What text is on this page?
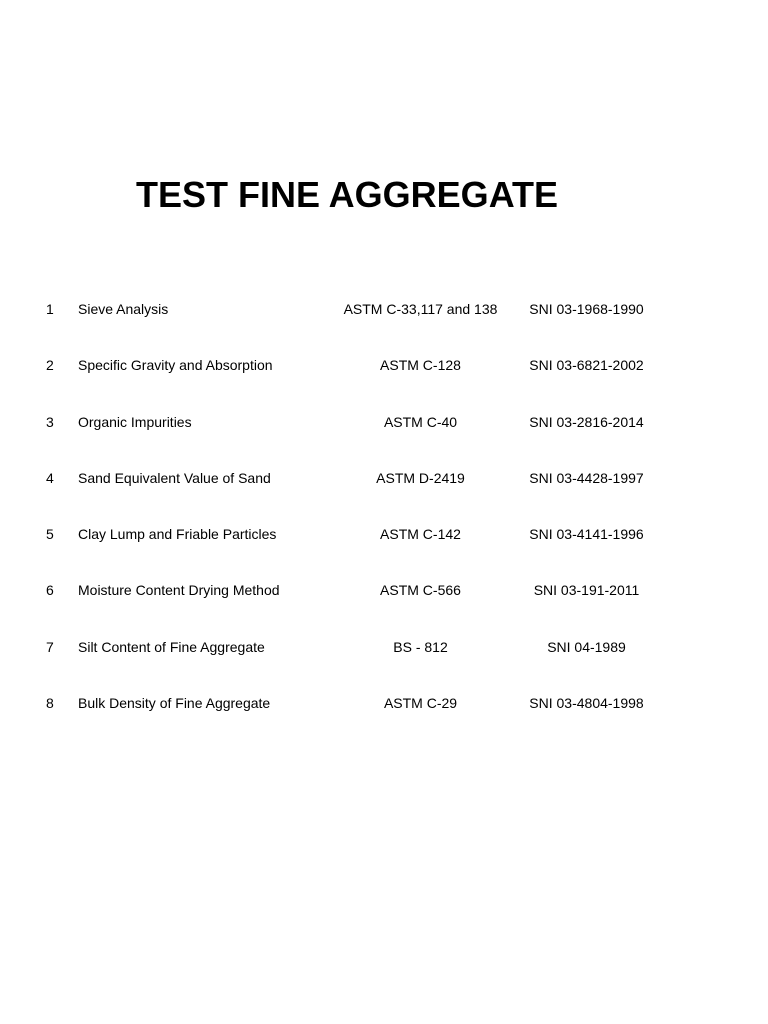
TEST FINE AGGREGATE
1 Sieve Analysis	ASTM C-33,117 and 138	SNI 03-1968-1990
2 Specific Gravity and Absorption	ASTM C-128	SNI 03-6821-2002
3 Organic Impurities	ASTM C-40	SNI 03-2816-2014
4 Sand Equivalent Value of Sand	ASTM D-2419	SNI 03-4428-1997
5 Clay Lump and Friable Particles	ASTM C-142	SNI 03-4141-1996
6 Moisture Content Drying Method	ASTM C-566	SNI 03-191-2011
7 Silt Content of Fine Aggregate	BS - 812	SNI 04-1989
8 Bulk Density of Fine Aggregate	ASTM C-29	SNI 03-4804-1998
